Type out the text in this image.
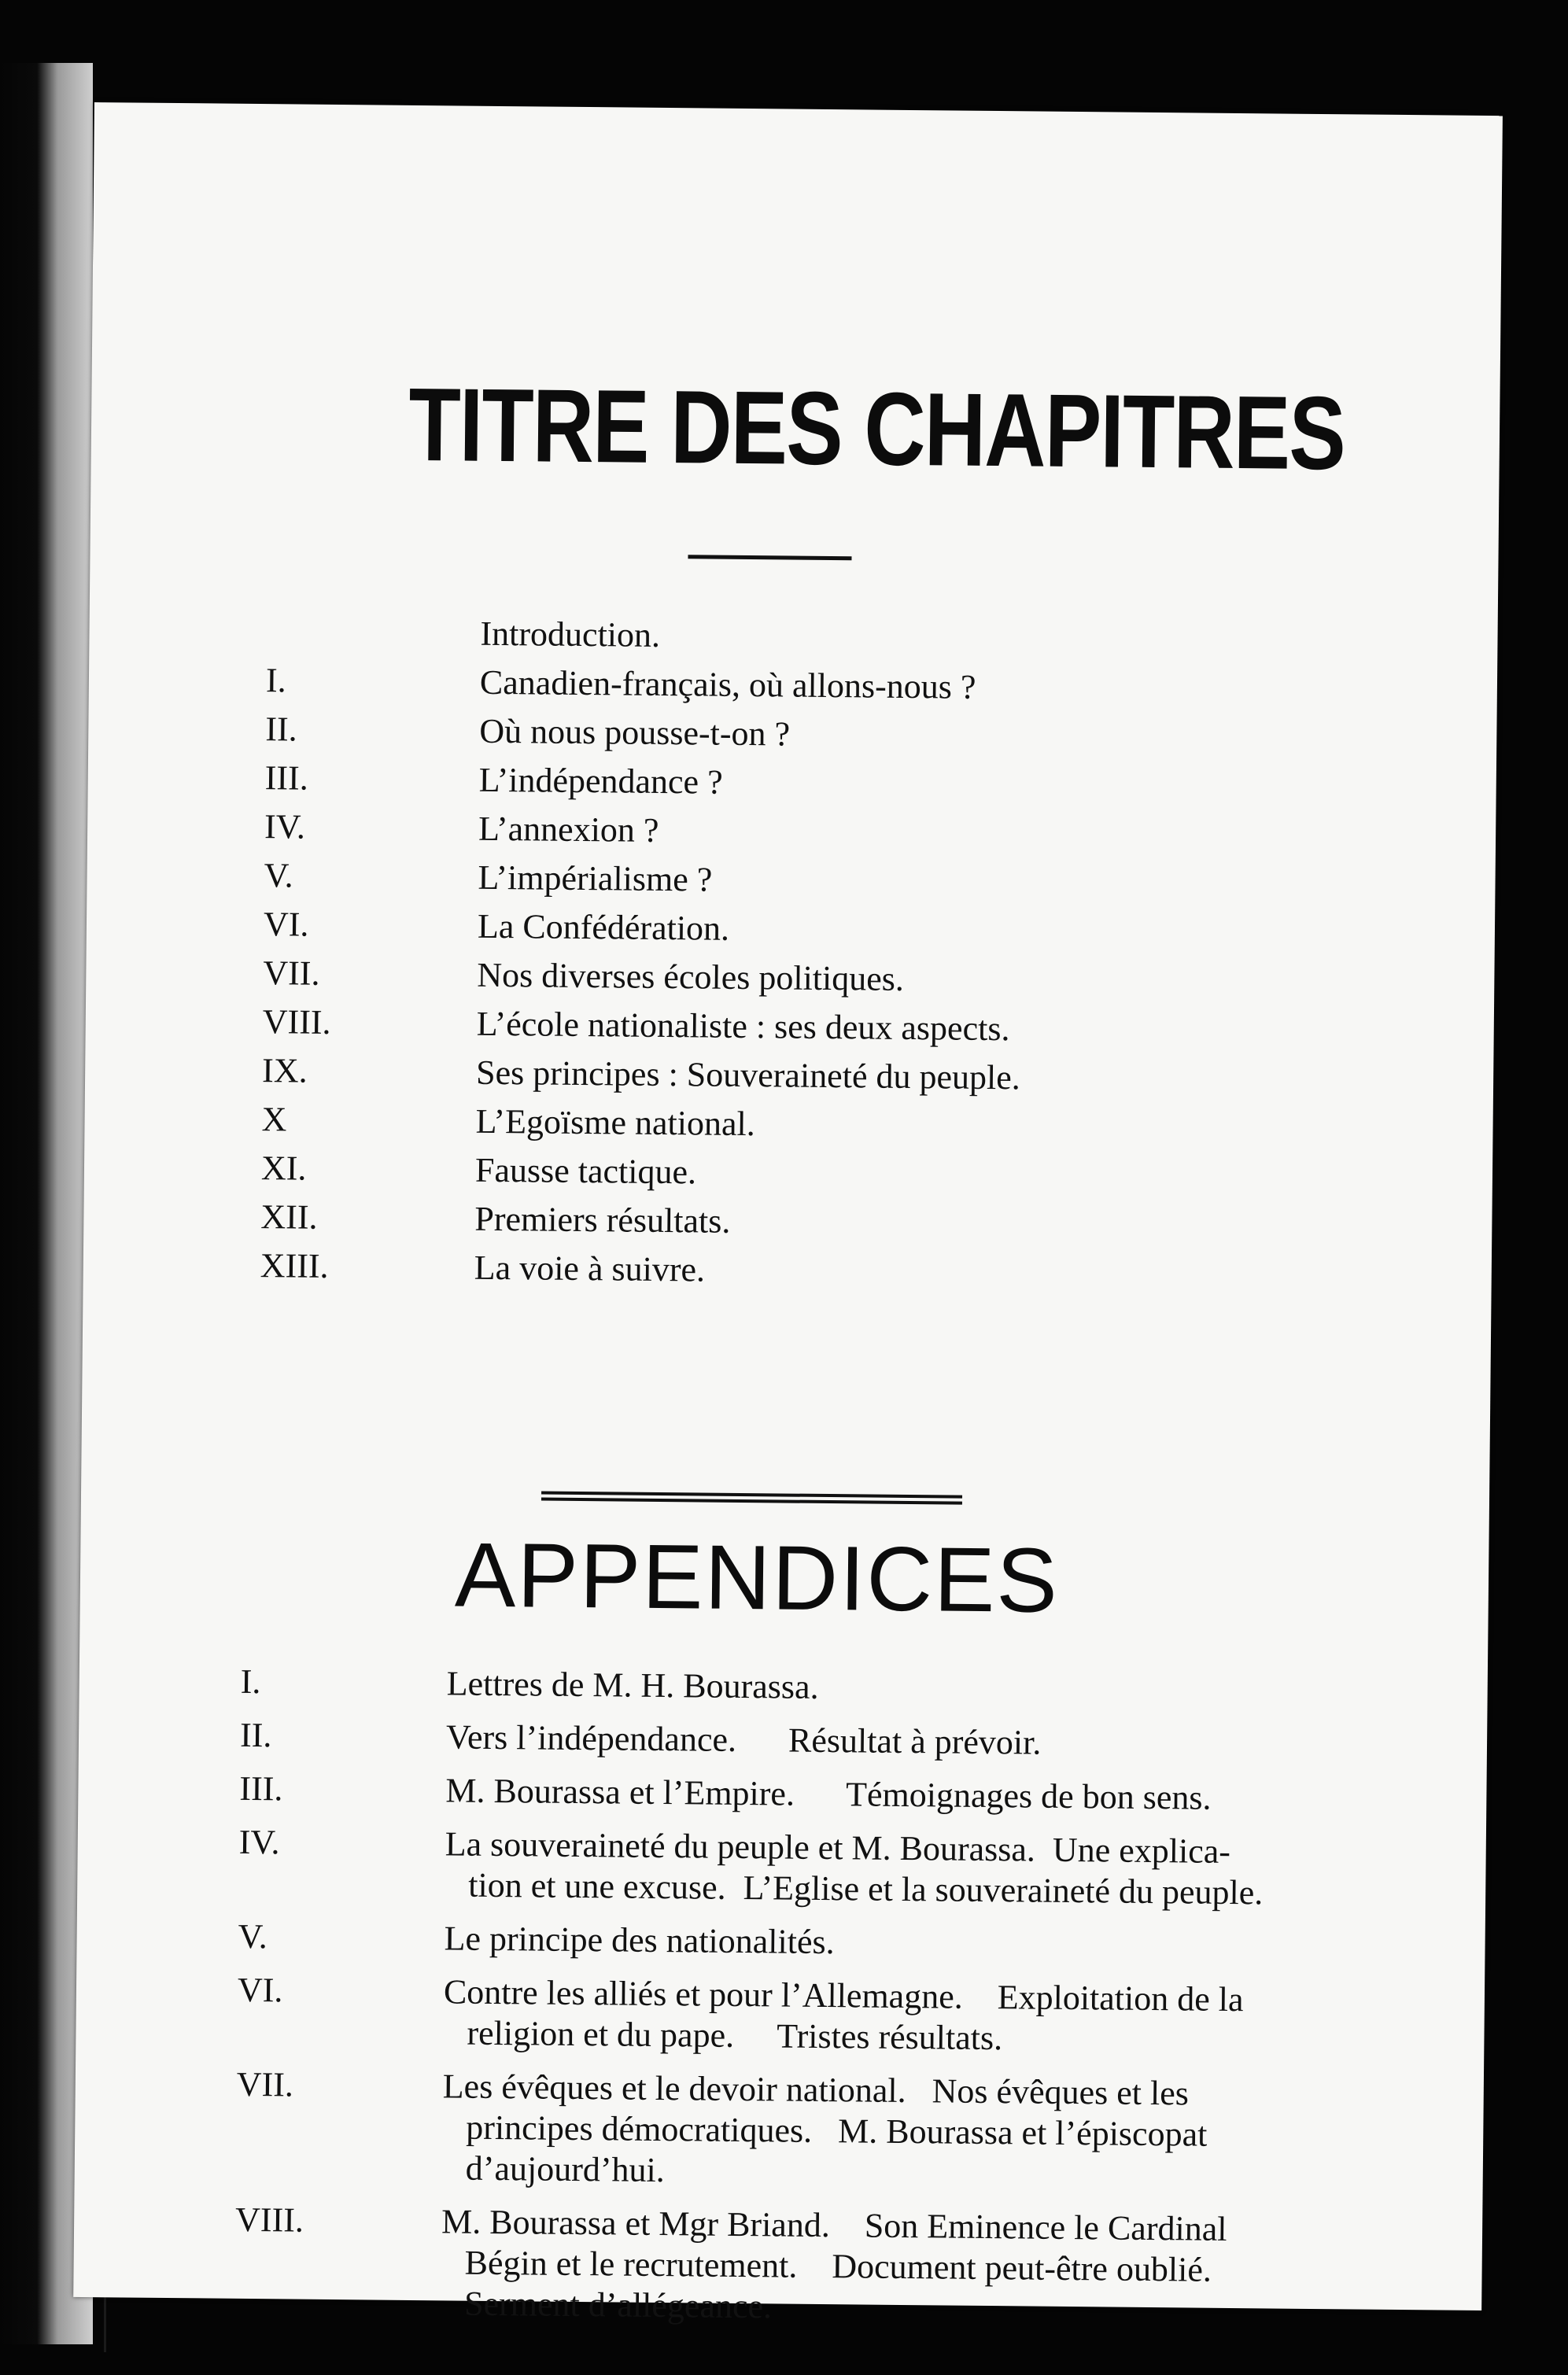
TITRE DES CHAPITRES
Introduction.
I.	Canadien-français, où allons-nous ?
II.	Où nous pousse-t-on ?
III.	L’indépendance ?
IV.	L’annexion ?
V.	L’impérialisme ?
VI.	La Confédération.
VII.	Nos diverses écoles politiques.
VIII.	L’école nationaliste : ses deux aspects.
IX.	Ses principes : Souveraineté du peuple.
X	L’Egoïsme national.
XI.	Fausse tactique.
XII.	Premiers résultats.
XIII.	La voie à suivre.
APPENDICES
I.	Lettres de M. H. Bourassa.
II.	Vers l’indépendance.      Résultat à prévoir.
III.	M. Bourassa et l’Empire.      Témoignages de bon sens.
IV.	La souveraineté du peuple et M. Bourassa.  Une explica-
tion et une excuse.  L’Eglise et la souveraineté du peuple.
V.	Le principe des nationalités.
VI.	Contre les alliés et pour l’Allemagne.    Exploitation de la
religion et du pape.     Tristes résultats.
VII.	Les évêques et le devoir national.   Nos évêques et les
principes démocratiques.   M. Bourassa et l’épiscopat
d’aujourd’hui.
VIII.	M. Bourassa et Mgr Briand.    Son Eminence le Cardinal
Bégin et le recrutement.    Document peut-être oublié.
Serment d’allégeance.
